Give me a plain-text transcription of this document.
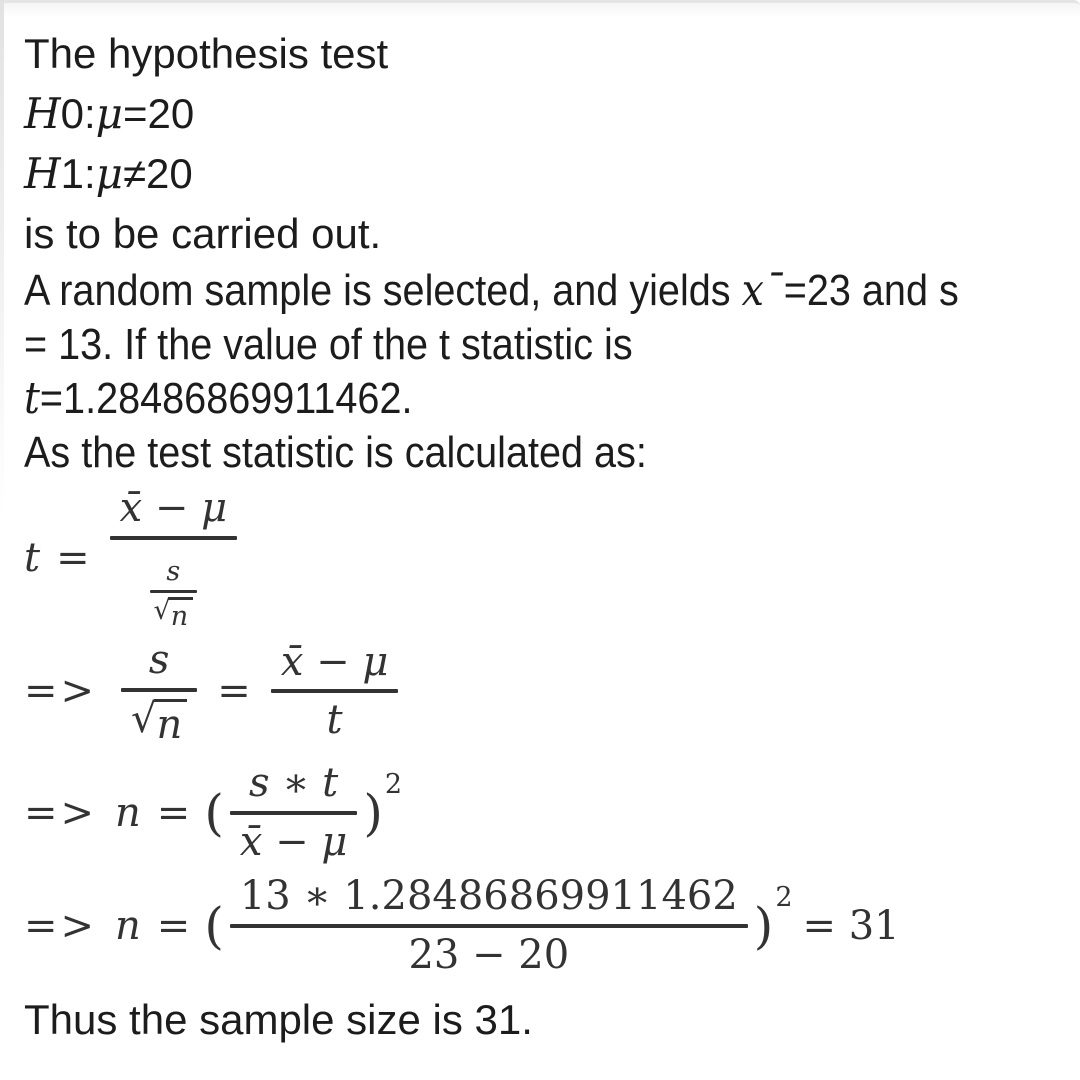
The hypothesis test
H0:μ=20
H1:μ≠20
is to be carried out.
A random sample is selected, and yields x¯=23 and s
= 13. If the value of the t statistic is
t=1.28486869911462.
As the test statistic is calculated as:
$t = \frac{x̄ - \mu}{\frac{s}{√ n}}$
=> $\frac{s}{√ n} = \frac{x̄ - \mu}{t}$
=> n = ( $\frac{s ∗ t}{x̄ - \mu}$ ) 2
=> n = ( $\frac{13 ∗ 1.28486869911462}{23 - 20}$ ) 2
= 31
Thus the sample size is 31.
